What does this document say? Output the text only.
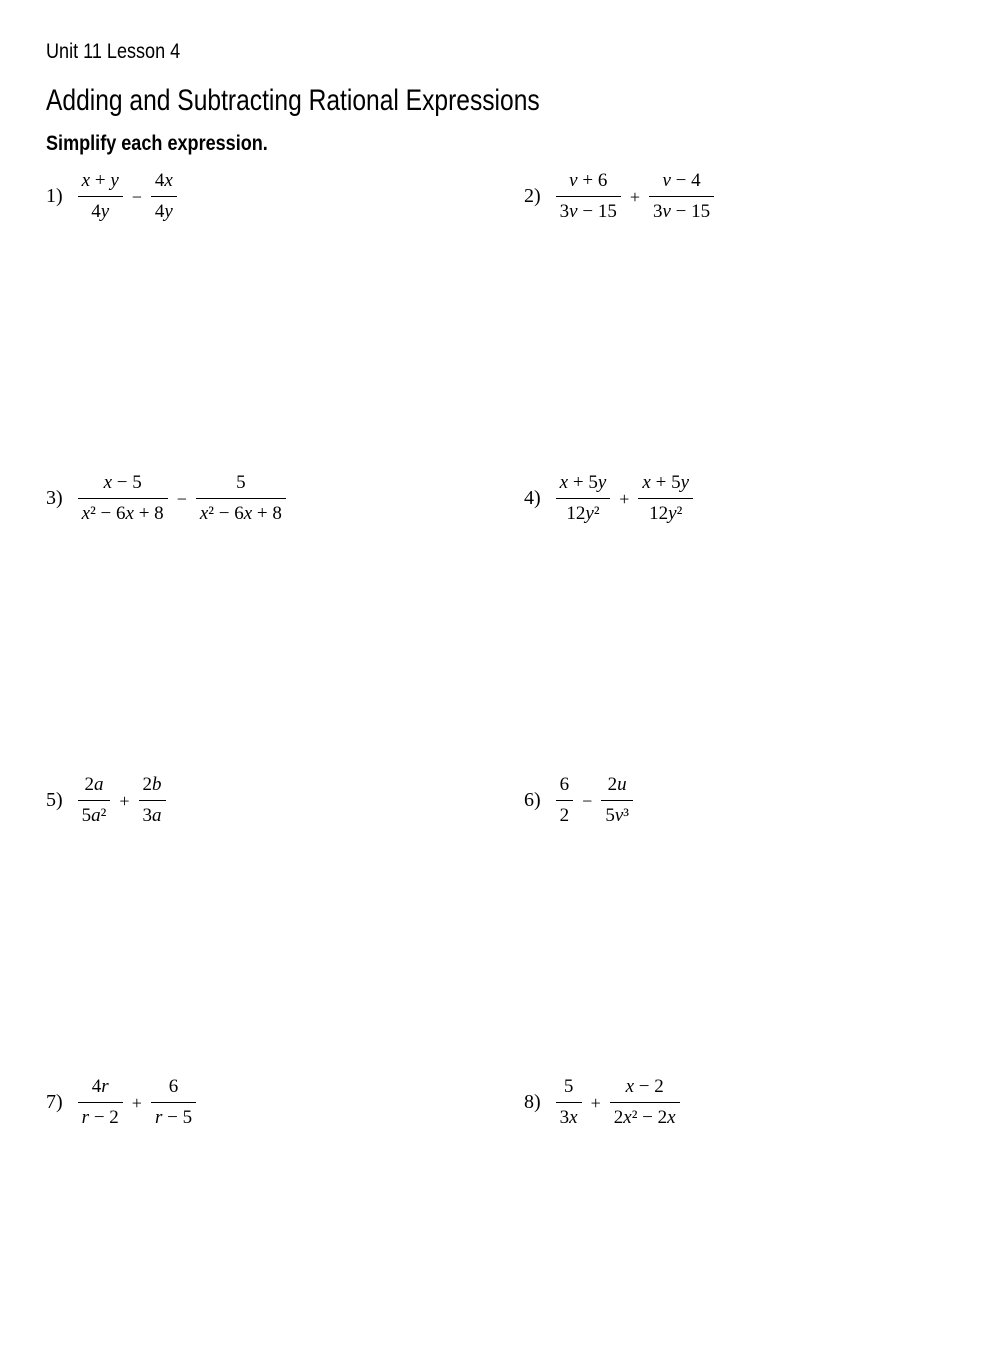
Unit 11 Lesson 4
Adding and Subtracting Rational Expressions
Simplify each expression.
$1) \frac{x + y}{4y} - \frac{4x}{4y}$	$2) \frac{v + 6}{3v - 15} + \frac{v - 4}{3v - 15}$
$3) \frac{x - 5}{\text{x² − 6x + 8}} - \frac{5}{\text{x² − 6x + 8}}$	$4) \frac{x + 5y}{\text{12y²}} + \frac{x + 5y}{\text{12y²}}$
$5) \frac{2a}{\text{5a²}} + \frac{2b}{3a}$	$6) \frac{6}{2} - \frac{2u}{\text{5v³}}$
$7) \frac{4r}{r - 2} + \frac{6}{r - 5}$	$8) \frac{5}{3x} + \frac{x - 2}{\text{2x² − 2x}}$
